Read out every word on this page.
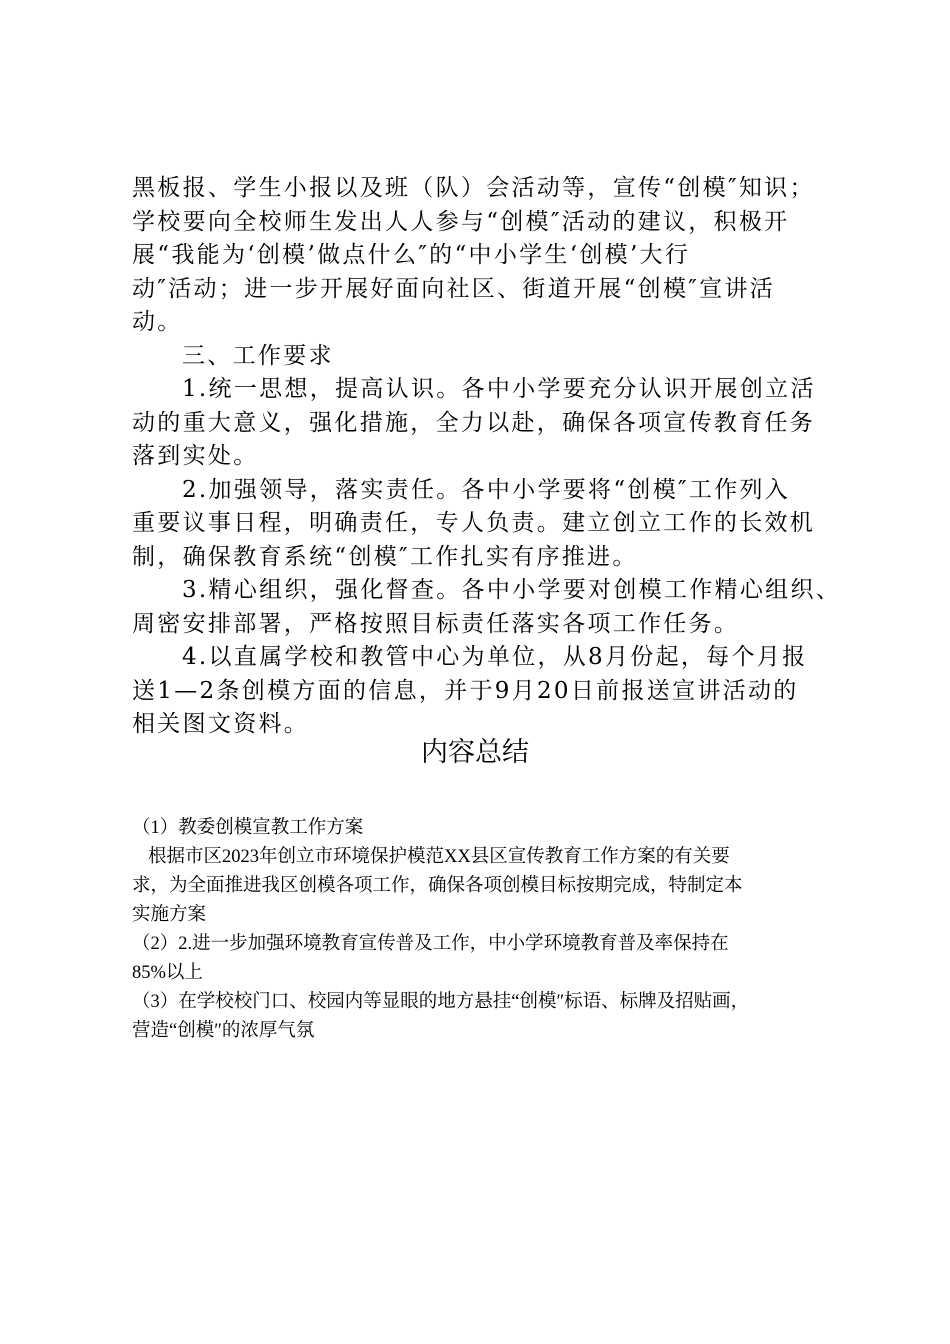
黑板报、学生小报以及班（队）会活动等，宣传“创模″知识；

学校要向全校师生发出人人参与“创模″活动的建议，积极开

展“我能为‘创模’做点什么″的“中小学生‘创模’大行

动″活动；进一步开展好面向社区、街道开展“创模″宣讲活

动。

三、工作要求

1.统一思想，提高认识。各中小学要充分认识开展创立活

动的重大意义，强化措施，全力以赴，确保各项宣传教育任务

落到实处。

2.加强领导，落实责任。各中小学要将“创模″工作列入

重要议事日程，明确责任，专人负责。建立创立工作的长效机

制，确保教育系统“创模″工作扎实有序推进。

3.精心组织，强化督查。各中小学要对创模工作精心组织、

周密安排部署，严格按照目标责任落实各项工作任务。

4.以直属学校和教管中心为单位，从8月份起，每个月报

送1—2条创模方面的信息，并于9月20日前报送宣讲活动的

相关图文资料。

内容总结

（1）教委创模宣教工作方案

根据市区2023年创立市环境保护模范XX县区宣传教育工作方案的有关要

求，为全面推进我区创模各项工作，确保各项创模目标按期完成，特制定本

实施方案

（2）2.进一步加强环境教育宣传普及工作，中小学环境教育普及率保持在

85%以上

（3）在学校校门口、校园内等显眼的地方悬挂“创模″标语、标牌及招贴画，

营造“创模″的浓厚气氛
